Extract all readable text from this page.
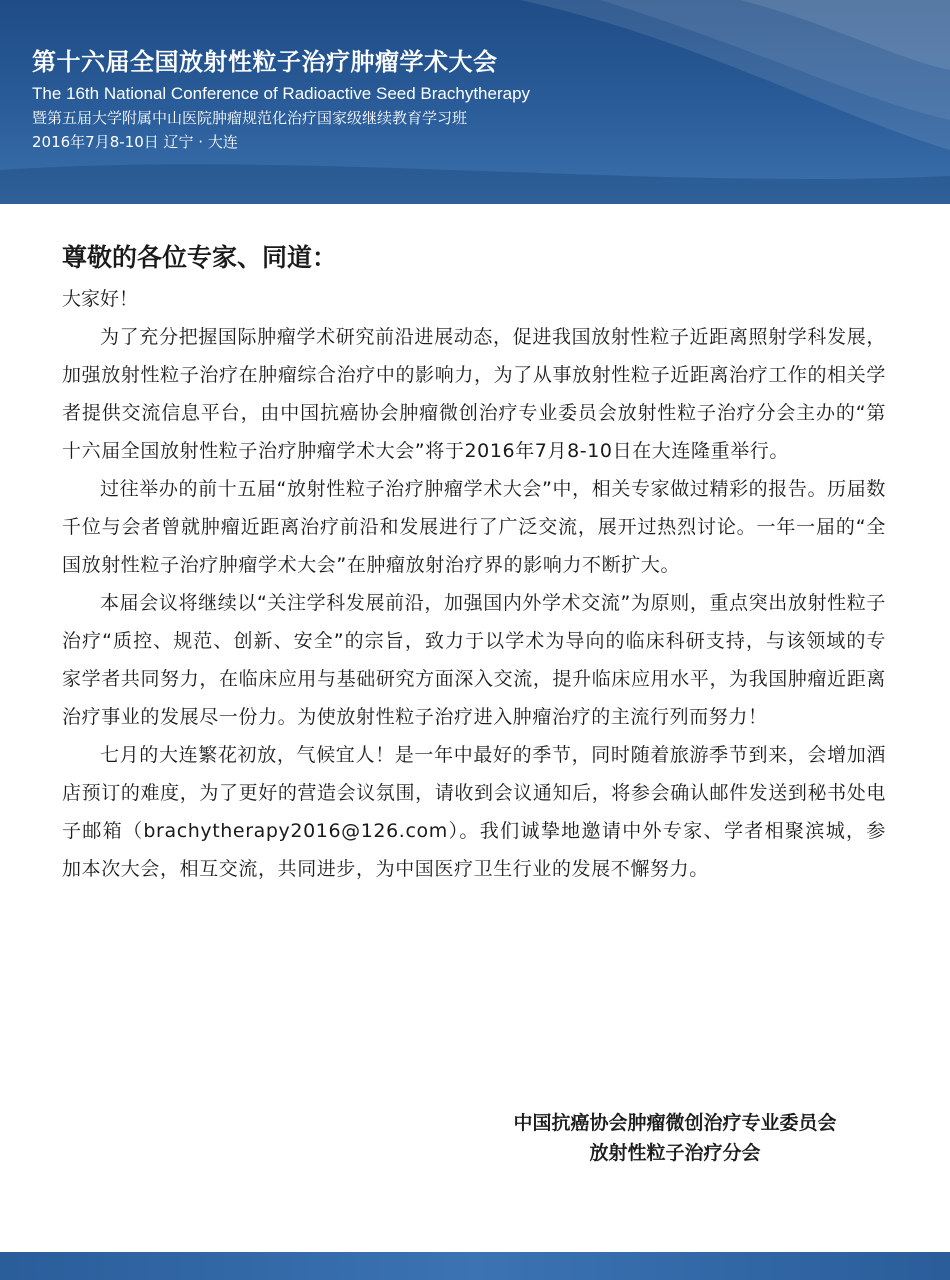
第十六届全国放射性粒子治疗肿瘤学术大会
The 16th National Conference of Radioactive Seed Brachytherapy
暨第五届大学附属中山医院肿瘤规范化治疗国家级继续教育学习班
2016年7月8-10日 辽宁 · 大连
尊敬的各位专家、同道：

大家好！

为了充分把握国际肿瘤学术研究前沿进展动态，促进我国放射性粒子近距离照射学科发展，加强放射性粒子治疗在肿瘤综合治疗中的影响力，为了从事放射性粒子近距离治疗工作的相关学者提供交流信息平台，由中国抗癌协会肿瘤微创治疗专业委员会放射性粒子治疗分会主办的“第十六届全国放射性粒子治疗肿瘤学术大会”将于2016年7月8-10日在大连隆重举行。

过往举办的前十五届“放射性粒子治疗肿瘤学术大会”中，相关专家做过精彩的报告。历届数千位与会者曾就肿瘤近距离治疗前沿和发展进行了广泛交流，展开过热烈讨论。一年一届的“全国放射性粒子治疗肿瘤学术大会”在肿瘤放射治疗界的影响力不断扩大。

本届会议将继续以“关注学科发展前沿，加强国内外学术交流”为原则，重点突出放射性粒子治疗“质控、规范、创新、安全”的宗旨，致力于以学术为导向的临床科研支持，与该领域的专家学者共同努力，在临床应用与基础研究方面深入交流，提升临床应用水平，为我国肿瘤近距离治疗事业的发展尽一份力。为使放射性粒子治疗进入肿瘤治疗的主流行列而努力！

七月的大连繁花初放，气候宜人！是一年中最好的季节，同时随着旅游季节到来，会增加酒店预订的难度，为了更好的营造会议氛围，请收到会议通知后，将参会确认邮件发送到秘书处电子邮箱（brachytherapy2016@126.com）。我们诚挚地邀请中外专家、学者相聚滨城，参加本次大会，相互交流，共同进步，为中国医疗卫生行业的发展不懈努力。

中国抗癌协会肿瘤微创治疗专业委员会
放射性粒子治疗分会
